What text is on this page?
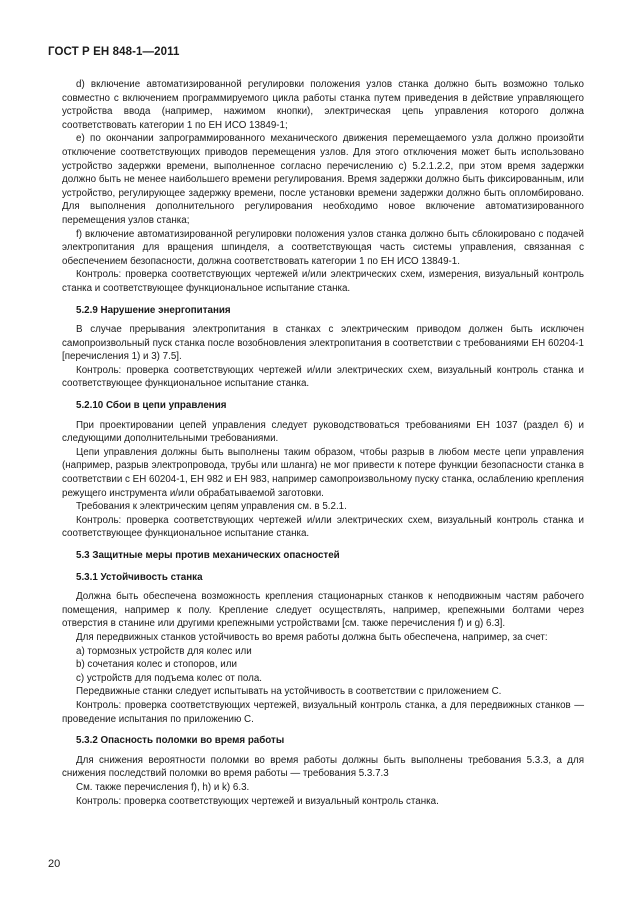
ГОСТ Р ЕН 848-1—2011

d) включение автоматизированной регулировки положения узлов станка должно быть возможно только совместно с включением программируемого цикла работы станка путем приведения в действие управляющего устройства ввода (например, нажимом кнопки), электрическая цепь управления которого должна соответствовать категории 1 по ЕН ИСО 13849-1;

e) по окончании запрограммированного механического движения перемещаемого узла должно произойти отключение соответствующих приводов перемещения узлов. Для этого отключения может быть использовано устройство задержки времени, выполненное согласно перечислению с) 5.2.1.2.2, при этом время задержки должно быть не менее наибольшего времени регулирования. Время задержки должно быть фиксированным, или устройство, регулирующее задержку времени, после установки времени задержки должно быть опломбировано. Для выполнения дополнительного регулирования необходимо новое включение автоматизированного перемещения узлов станка;

f) включение автоматизированной регулировки положения узлов станка должно быть сблокировано с подачей электропитания для вращения шпинделя, а соответствующая часть системы управления, связанная с обеспечением безопасности, должна соответствовать категории 1 по ЕН ИСО 13849-1.

Контроль: проверка соответствующих чертежей и/или электрических схем, измерения, визуальный контроль станка и соответствующее функциональное испытание станка.

5.2.9 Нарушение энергопитания

В случае прерывания электропитания в станках с электрическим приводом должен быть исключен самопроизвольный пуск станка после возобновления электропитания в соответствии с требованиями ЕН 60204-1 [перечисления 1) и 3) 7.5].

Контроль: проверка соответствующих чертежей и/или электрических схем, визуальный контроль станка и соответствующее функциональное испытание станка.

5.2.10 Сбои в цепи управления

При проектировании цепей управления следует руководствоваться требованиями ЕН 1037 (раздел 6) и следующими дополнительными требованиями.

Цепи управления должны быть выполнены таким образом, чтобы разрыв в любом месте цепи управления (например, разрыв электропровода, трубы или шланга) не мог привести к потере функции безопасности станка в соответствии с ЕН 60204-1, ЕН 982 и ЕН 983, например самопроизвольному пуску станка, ослаблению крепления режущего инструмента и/или обрабатываемой заготовки.

Требования к электрическим цепям управления см. в 5.2.1.

Контроль: проверка соответствующих чертежей и/или электрических схем, визуальный контроль станка и соответствующее функциональное испытание станка.

5.3 Защитные меры против механических опасностей

5.3.1 Устойчивость станка

Должна быть обеспечена возможность крепления стационарных станков к неподвижным частям рабочего помещения, например к полу. Крепление следует осуществлять, например, крепежными болтами через отверстия в станине или другими крепежными устройствами [см. также перечисления f) и g) 6.3].

Для передвижных станков устойчивость во время работы должна быть обеспечена, например, за счет:

a) тормозных устройств для колес или

b) сочетания колес и стопоров, или

c) устройств для подъема колес от пола.

Передвижные станки следует испытывать на устойчивость в соответствии с приложением С.

Контроль: проверка соответствующих чертежей, визуальный контроль станка, а для передвижных станков — проведение испытания по приложению С.

5.3.2 Опасность поломки во время работы

Для снижения вероятности поломки во время работы должны быть выполнены требования 5.3.3, а для снижения последствий поломки во время работы — требования 5.3.7.3

См. также перечисления f), h) и k) 6.3.

Контроль: проверка соответствующих чертежей и визуальный контроль станка.

20
